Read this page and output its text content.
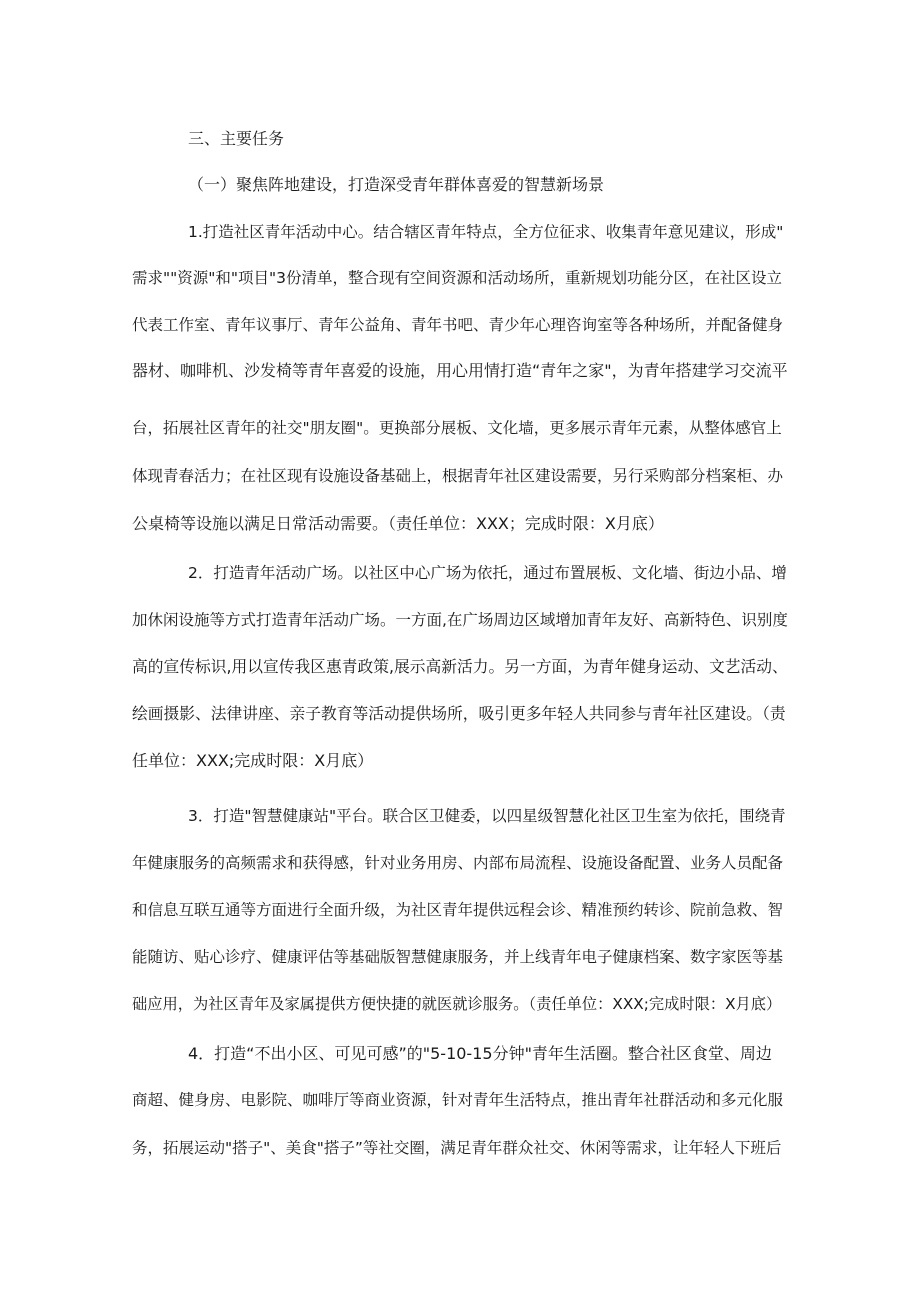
三、主要任务
（一）聚焦阵地建设，打造深受青年群体喜爱的智慧新场景
1.打造社区青年活动中心。结合辖区青年特点，全方位征求、收集青年意见建议，形成"
需求""资源"和"项目"3份清单，整合现有空间资源和活动场所，重新规划功能分区，在社区设立
代表工作室、青年议事厅、青年公益角、青年书吧、青少年心理咨询室等各种场所，并配备健身
器材、咖啡机、沙发椅等青年喜爱的设施，用心用情打造“青年之家"，为青年搭建学习交流平
台，拓展社区青年的社交"朋友圈"。更换部分展板、文化墙，更多展示青年元素，从整体感官上
体现青春活力；在社区现有设施设备基础上，根据青年社区建设需要，另行采购部分档案柜、办
公桌椅等设施以满足日常活动需要。（责任单位：XXX；完成时限：X月底）
2．打造青年活动广场。以社区中心广场为依托，通过布置展板、文化墙、街边小品、增
加休闲设施等方式打造青年活动广场。一方面,在广场周边区域增加青年友好、高新特色、识别度
高的宣传标识,用以宣传我区惠青政策,展示高新活力。另一方面，为青年健身运动、文艺活动、
绘画摄影、法律讲座、亲子教育等活动提供场所，吸引更多年轻人共同参与青年社区建设。（责
任单位：XXX;完成时限：X月底）
3．打造"智慧健康站"平台。联合区卫健委，以四星级智慧化社区卫生室为依托，围绕青
年健康服务的高频需求和获得感，针对业务用房、内部布局流程、设施设备配置、业务人员配备
和信息互联互通等方面进行全面升级，为社区青年提供远程会诊、精准预约转诊、院前急救、智
能随访、贴心诊疗、健康评估等基础版智慧健康服务，并上线青年电子健康档案、数字家医等基
础应用，为社区青年及家属提供方便快捷的就医就诊服务。（责任单位：XXX;完成时限：X月底）
4．打造“不出小区、可见可感”的"5-10-15分钟"青年生活圈。整合社区食堂、周边
商超、健身房、电影院、咖啡厅等商业资源，针对青年生活特点，推出青年社群活动和多元化服
务，拓展运动"搭子"、美食"搭子”等社交圈，满足青年群众社交、休闲等需求，让年轻人下班后
